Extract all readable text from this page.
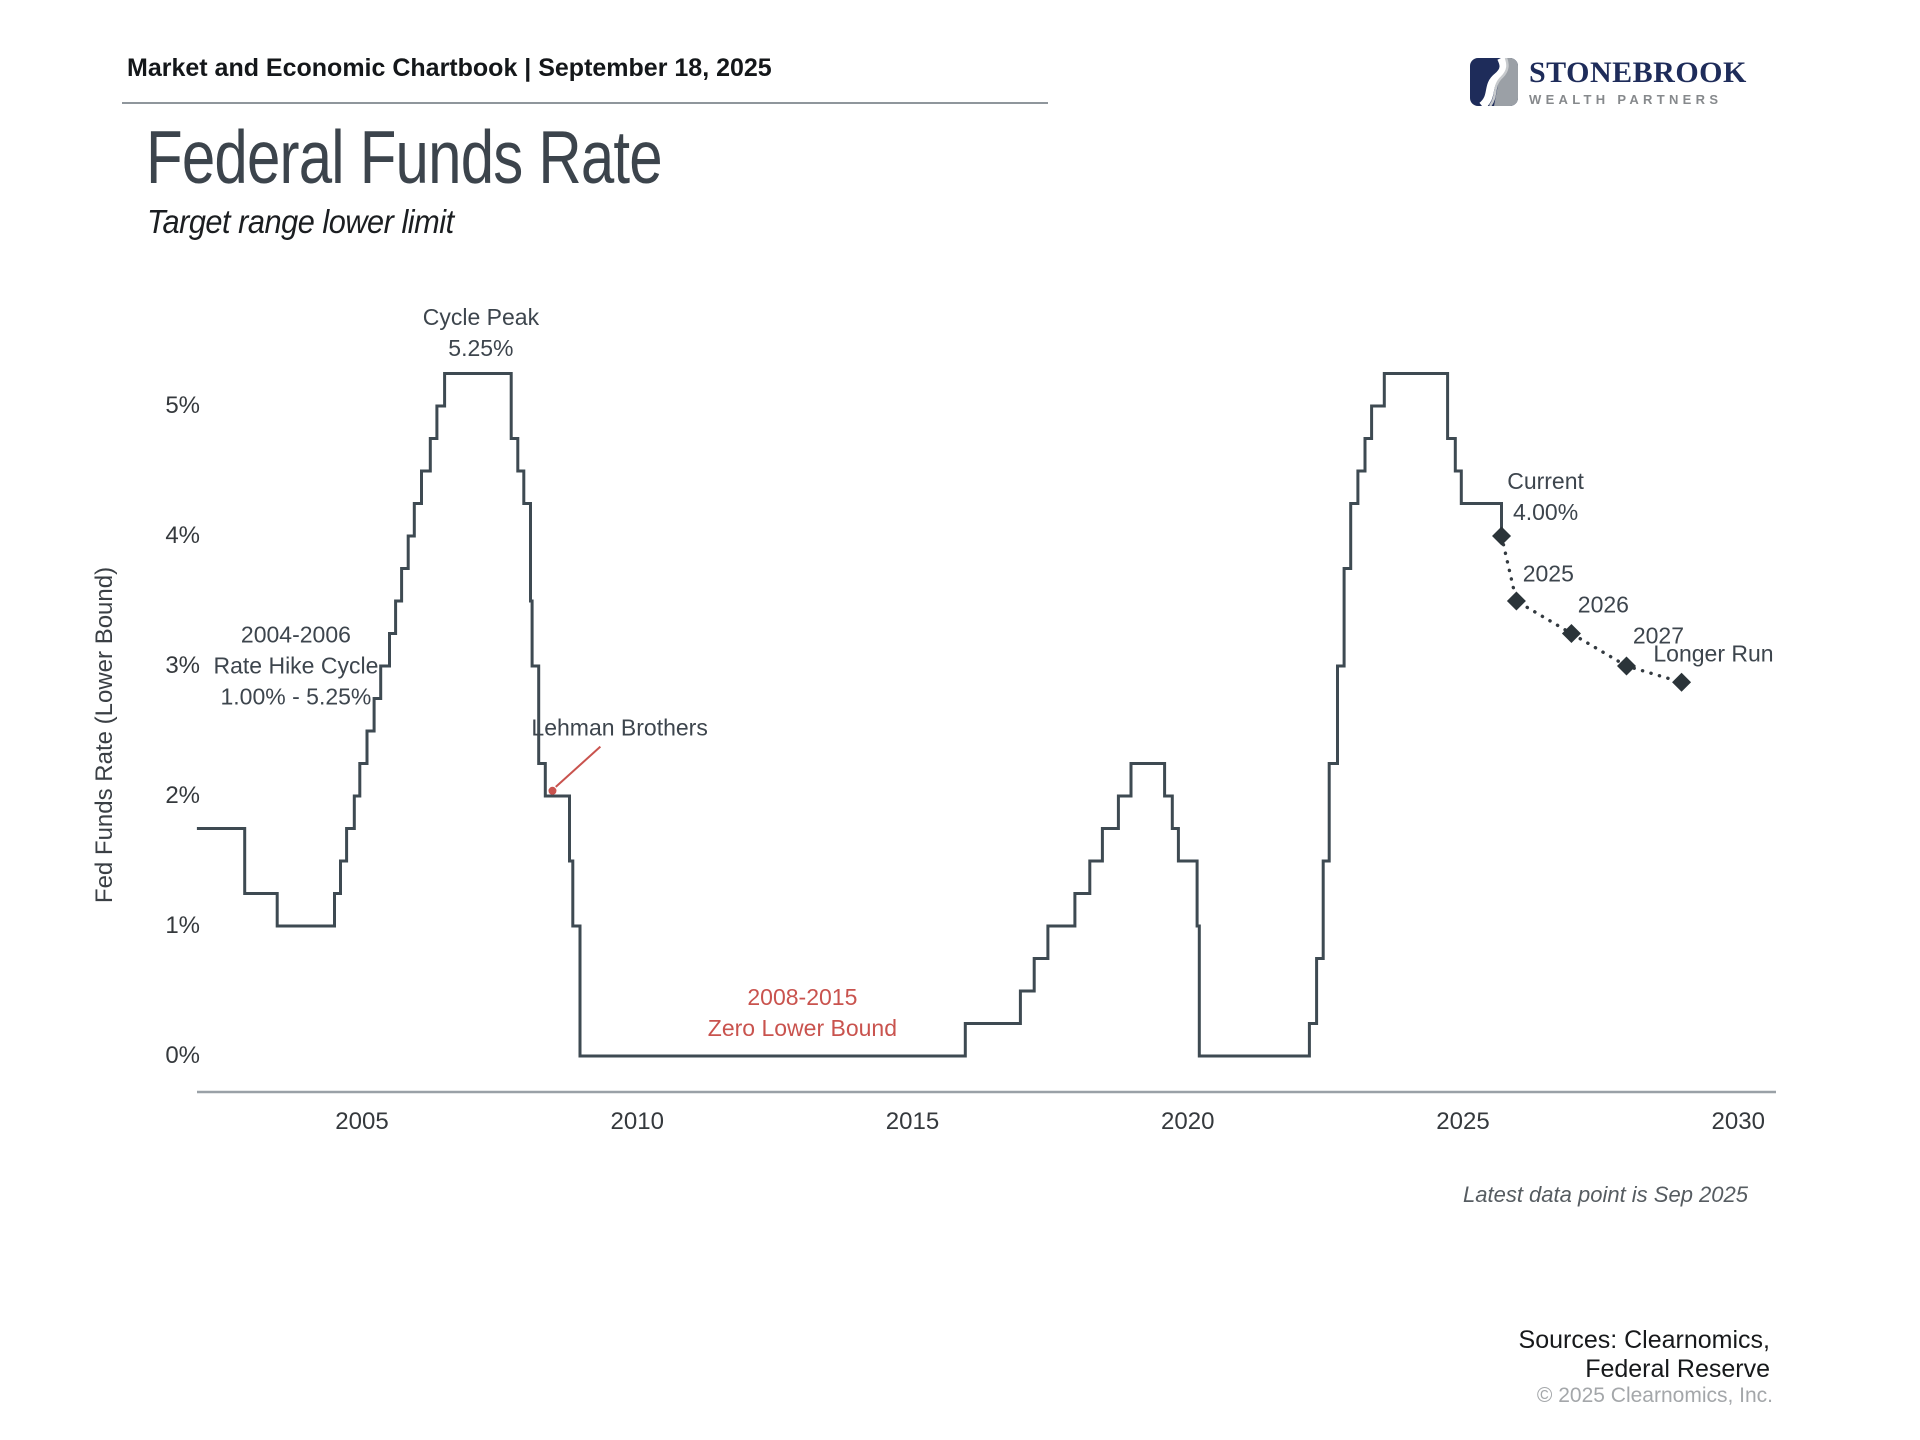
Market and Economic Chartbook | September 18, 2025	STONEBROOK
WEALTH PARTNERS
Federal Funds Rate
Target range lower limit
Fed Funds Rate (Lower Bound)
0%
1%
2%
3%
4%
5%
2005	2010	2015	2020	2025	2030
Cycle Peak
5.25%
2004-2006
Rate Hike Cycle
1.00% - 5.25%
Lehman Brothers
2008-2015
Zero Lower Bound
Current
4.00%
2025
2026
2027
Longer Run
Latest data point is Sep 2025
Sources: Clearnomics,
Federal Reserve
© 2025 Clearnomics, Inc.
